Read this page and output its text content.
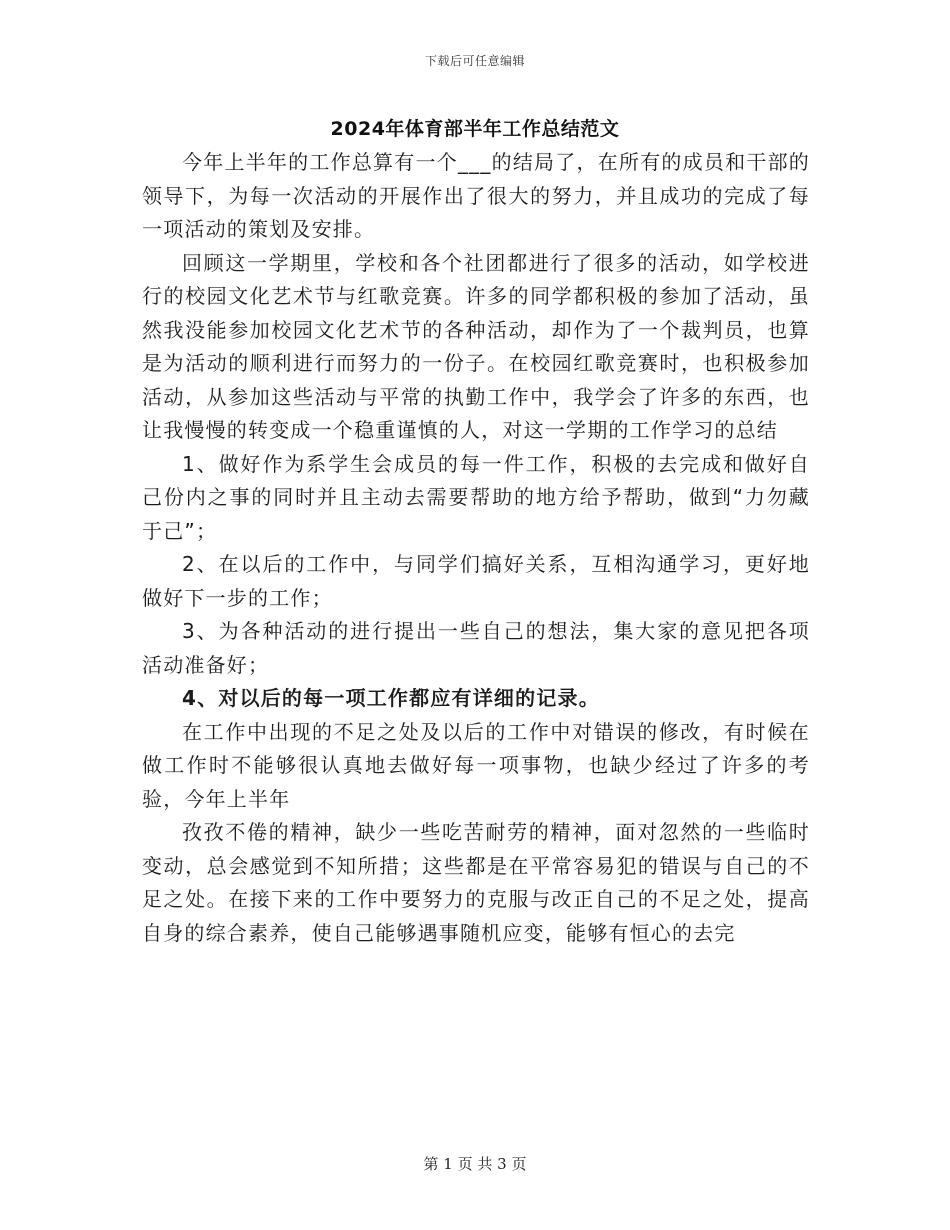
下载后可任意编辑
2024年体育部半年工作总结范文

今年上半年的工作总算有一个___的结局了，在所有的成员和干部的领导下，为每一次活动的开展作出了很大的努力，并且成功的完成了每一项活动的策划及安排。

回顾这一学期里，学校和各个社团都进行了很多的活动，如学校进行的校园文化艺术节与红歌竞赛。许多的同学都积极的参加了活动，虽然我没能参加校园文化艺术节的各种活动，却作为了一个裁判员，也算是为活动的顺利进行而努力的一份子。在校园红歌竞赛时，也积极参加活动，从参加这些活动与平常的执勤工作中，我学会了许多的东西，也让我慢慢的转变成一个稳重谨慎的人，对这一学期的工作学习的总结

1、做好作为系学生会成员的每一件工作，积极的去完成和做好自己份内之事的同时并且主动去需要帮助的地方给予帮助，做到“力勿藏于己”；

2、在以后的工作中，与同学们搞好关系，互相沟通学习，更好地做好下一步的工作；

3、为各种活动的进行提出一些自己的想法，集大家的意见把各项活动准备好；

4、对以后的每一项工作都应有详细的记录。

在工作中出现的不足之处及以后的工作中对错误的修改，有时候在做工作时不能够很认真地去做好每一项事物，也缺少经过了许多的考验，今年上半年

孜孜不倦的精神，缺少一些吃苦耐劳的精神，面对忽然的一些临时变动，总会感觉到不知所措；这些都是在平常容易犯的错误与自己的不足之处。在接下来的工作中要努力的克服与改正自己的不足之处，提高自身的综合素养，使自己能够遇事随机应变，能够有恒心的去完

第 1 页 共 3 页
